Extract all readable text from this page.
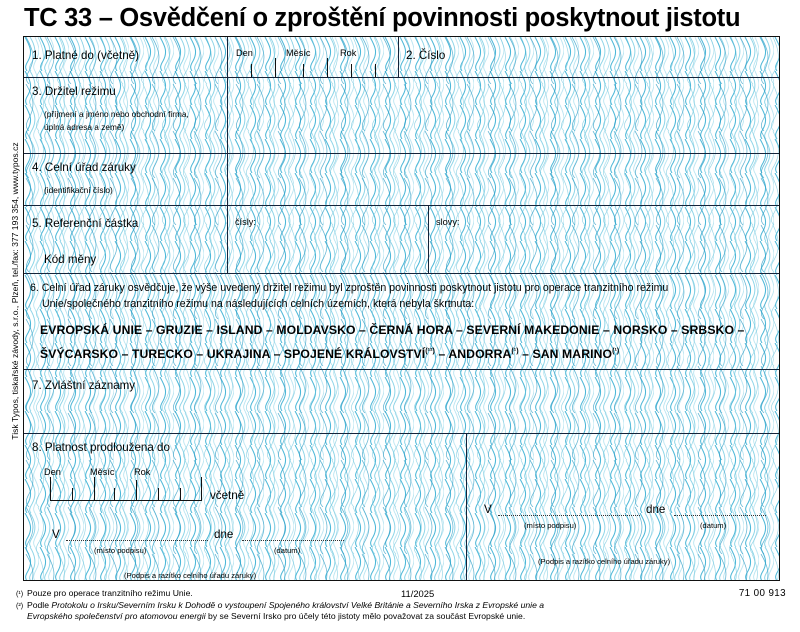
TC 33 – Osvědčení o zproštění povinnosti poskytnout jistotu
1. Platné do (včetně)	Den	Měsíc	Rok	2. Číslo
3. Držitel režimu
(příjmení a jméno nebo obchodní firma,
úplná adresa a země)
4. Celní úřad záruky
(identifikační číslo)
5. Referenční částka
Kód měny
čísly:	slovy:
6. Celní úřad záruky osvědčuje, že výše uvedený držitel režimu byl zproštěn povinnosti poskytnout jistotu pro operace tranzitního režimu
Unie/společného tranzitního režimu na následujících celních územích, která nebyla škrtnuta:
EVROPSKÁ UNIE – GRUZIE – ISLAND – MOLDAVSKO – ČERNÁ HORA – SEVERNÍ MAKEDONIE – NORSKO – SRBSKO –
ŠVÝCARSKO – TURECKO – UKRAJINA – SPOJENÉ $KRÁLOVSTVÍ^{(^{12})}$ – $ANDORRA^{(^1)}$ – SAN $MARINO^{(^1)}$
7. Zvláštní záznamy
8. Platnost prodloužena do
Den	Měsíc Rok
včetně
V	dne
(místo podpisu)	(datum)
(Podpis a razítko celního úřadu záruky)
V	dne
(místo podpisu)	(datum)
(Podpis a razítko celního úřadu záruky)
Tisk Typos, tiskařské závody, s.r.o., Plzeň, tel./fax: 377 193 354, www.typos.cz
(¹) Pouze pro operace tranzitního režimu Unie.	11/2025	71 00 913
(²) Podle Protokolu o Irsku/Severním Irsku k Dohodě o vystoupení Spojeného království Velké Británie a Severního Irska z Evropské unie a
Evropského společenství pro atomovou energii by se Severní Irsko pro účely této jistoty mělo považovat za součást Evropské unie.
